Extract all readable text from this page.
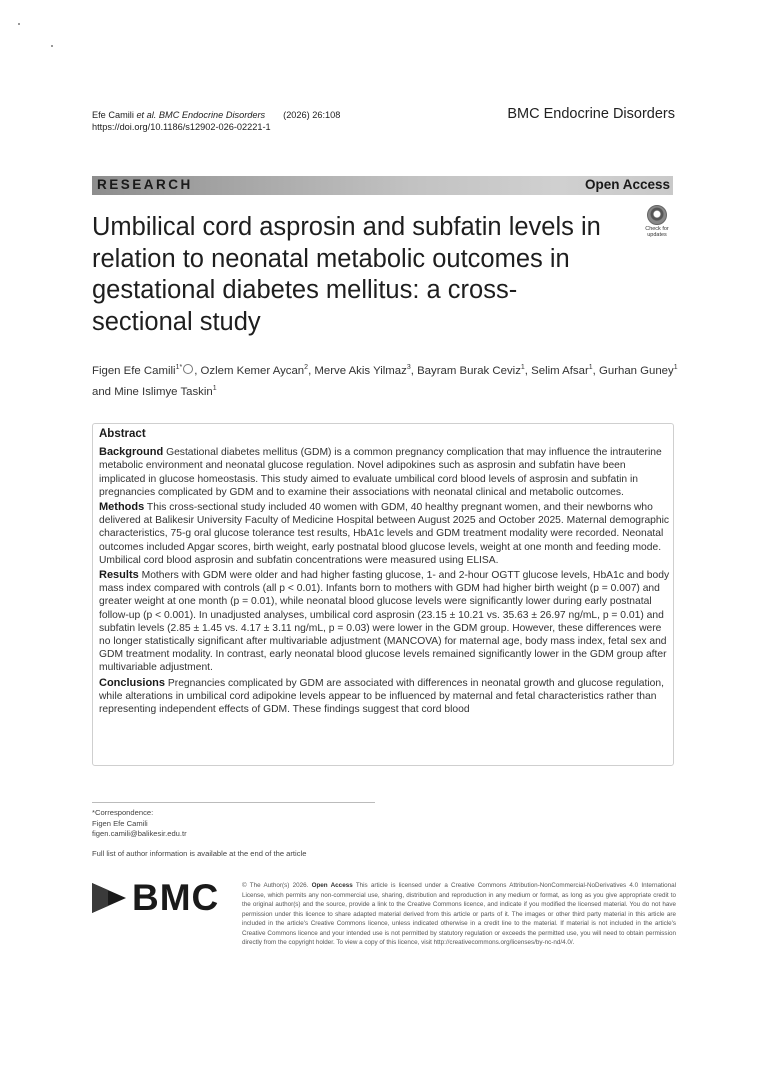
Efe Camili et al. BMC Endocrine Disorders (2026) 26:108
https://doi.org/10.1186/s12902-026-02221-1
BMC Endocrine Disorders
RESEARCH	Open Access
Umbilical cord asprosin and subfatin levels in relation to neonatal metabolic outcomes in gestational diabetes mellitus: a cross-sectional study
Check for
updates
Figen Efe Camili$^{1*}$ , Ozlem Kemer Aycan$^2$, Merve Akis Yilmaz$^3$, Bayram Burak Ceviz$^1$, Selim Afsar$^1$, Gurhan Guney$^1$
and Mine Islimye Taskin$^1$
Abstract

Background Gestational diabetes mellitus (GDM) is a common pregnancy complication that may influence the intrauterine metabolic environment and neonatal glucose regulation. Novel adipokines such as asprosin and subfatin have been implicated in glucose homeostasis. This study aimed to evaluate umbilical cord blood levels of asprosin and subfatin in pregnancies complicated by GDM and to examine their associations with neonatal clinical and metabolic outcomes.

Methods This cross-sectional study included 40 women with GDM, 40 healthy pregnant women, and their newborns who delivered at Balikesir University Faculty of Medicine Hospital between August 2025 and October 2025. Maternal demographic characteristics, 75-g oral glucose tolerance test results, HbA1c levels and GDM treatment modality were recorded. Neonatal outcomes included Apgar scores, birth weight, early postnatal blood glucose levels, weight at one month and feeding mode. Umbilical cord blood asprosin and subfatin concentrations were measured using ELISA.

Results Mothers with GDM were older and had higher fasting glucose, 1- and 2-hour OGTT glucose levels, HbA1c and body mass index compared with controls (all p < 0.01). Infants born to mothers with GDM had higher birth weight (p = 0.007) and greater weight at one month (p = 0.01), while neonatal blood glucose levels were significantly lower during early postnatal follow-up (p < 0.001). In unadjusted analyses, umbilical cord asprosin (23.15 ± 10.21 vs. 35.63 ± 26.97 ng/mL, p = 0.01) and subfatin levels (2.85 ± 1.45 vs. 4.17 ± 3.11 ng/mL, p = 0.03) were lower in the GDM group. However, these differences were no longer statistically significant after multivariable adjustment (MANCOVA) for maternal age, body mass index, fetal sex and GDM treatment modality. In contrast, early neonatal blood glucose levels remained significantly lower in the GDM group after multivariable adjustment.

Conclusions Pregnancies complicated by GDM are associated with differences in neonatal growth and glucose regulation, while alterations in umbilical cord adipokine levels appear to be influenced by maternal and fetal characteristics rather than representing independent effects of GDM. These findings suggest that cord blood

*Correspondence:
Figen Efe Camili
figen.camili@balikesir.edu.tr
Full list of author information is available at the end of the article
BMC	© The Author(s) 2026. Open Access This article is licensed under a Creative Commons Attribution-NonCommercial-NoDerivatives 4.0 International License, which permits any non-commercial use, sharing, distribution and reproduction in any medium or format, as long as you give appropriate credit to the original author(s) and the source, provide a link to the Creative Commons licence, and indicate if you modified the licensed material. You do not have permission under this licence to share adapted material derived from this article or parts of it. The images or other third party material in this article are included in the article's Creative Commons licence, unless indicated otherwise in a credit line to the material. If material is not included in the article's Creative Commons licence and your intended use is not permitted by statutory regulation or exceeds the permitted use, you will need to obtain permission directly from the copyright holder. To view a copy of this licence, visit http://creativecommons.org/licenses/by-nc-nd/4.0/.
